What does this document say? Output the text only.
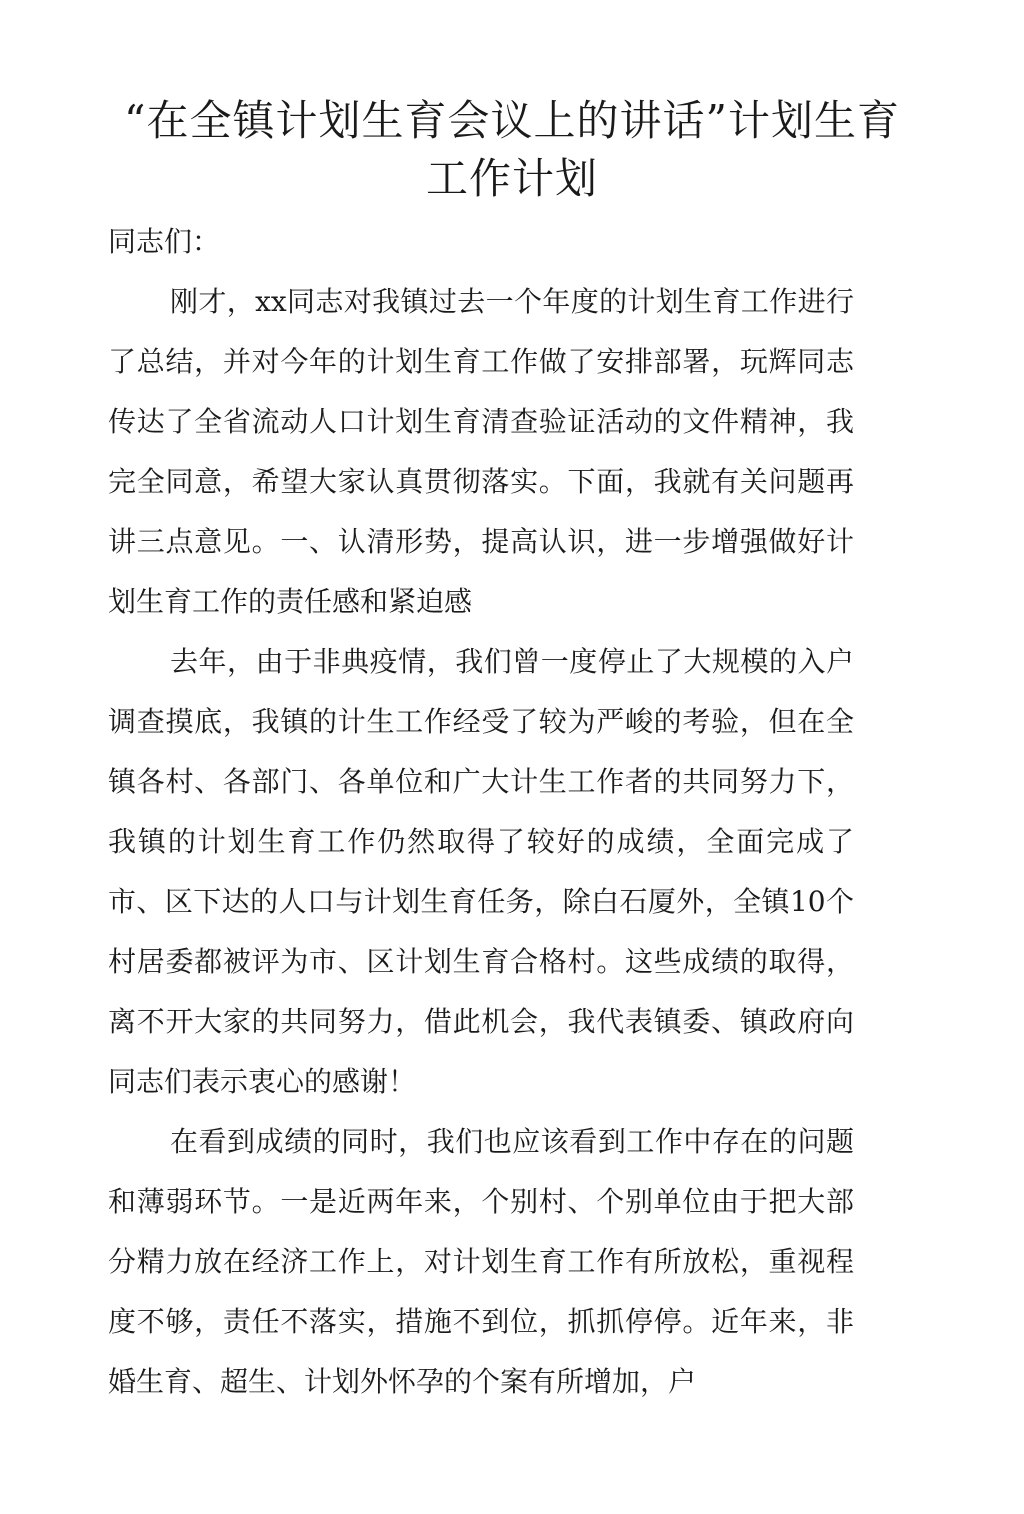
“在全镇计划生育会议上的讲话”计划生育工作计划

同志们：

刚才，xx同志对我镇过去一个年度的计划生育工作进行了总结，并对今年的计划生育工作做了安排部署，玩辉同志传达了全省流动人口计划生育清查验证活动的文件精神，我完全同意，希望大家认真贯彻落实。下面，我就有关问题再讲三点意见。一、认清形势，提高认识，进一步增强做好计划生育工作的责任感和紧迫感

去年，由于非典疫情，我们曾一度停止了大规模的入户调查摸底，我镇的计生工作经受了较为严峻的考验，但在全镇各村、各部门、各单位和广大计生工作者的共同努力下，我镇的计划生育工作仍然取得了较好的成绩，全面完成了市、区下达的人口与计划生育任务，除白石厦外，全镇10个村居委都被评为市、区计划生育合格村。这些成绩的取得，离不开大家的共同努力，借此机会，我代表镇委、镇政府向同志们表示衷心的感谢！

在看到成绩的同时，我们也应该看到工作中存在的问题和薄弱环节。一是近两年来，个别村、个别单位由于把大部分精力放在经济工作上，对计划生育工作有所放松，重视程度不够，责任不落实，措施不到位，抓抓停停。近年来，非婚生育、超生、计划外怀孕的个案有所增加，户
